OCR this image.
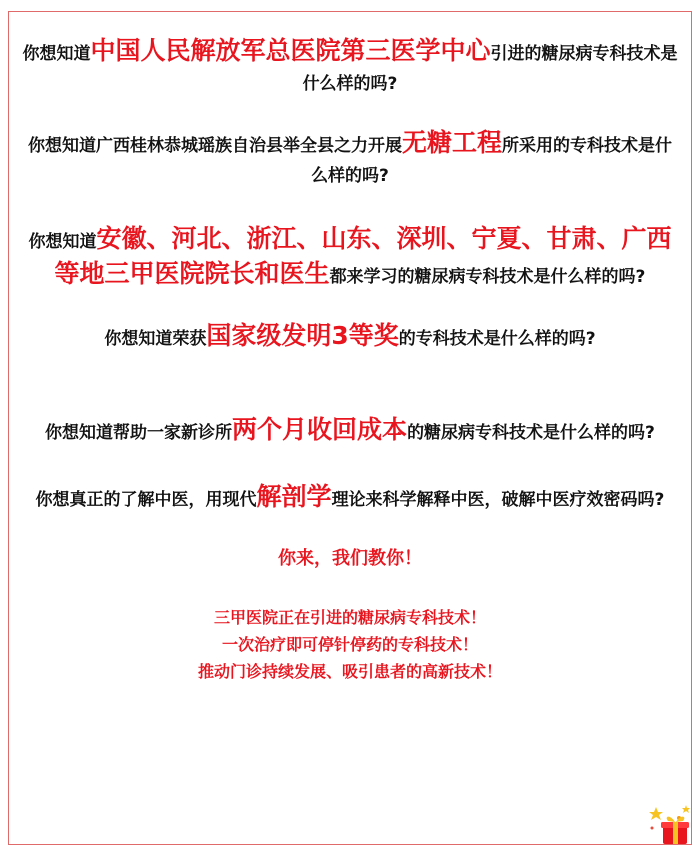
你想知道中国人民解放军总医院第三医学中心引进的糖尿病专科技术是什么样的吗?

你想知道广西桂林恭城瑶族自治县举全县之力开展无糖工程所采用的专科技术是什么样的吗?

你想知道安徽、河北、浙江、山东、深圳、宁夏、甘肃、广西等地三甲医院院长和医生都来学习的糖尿病专科技术是什么样的吗?

你想知道荣获国家级发明3等奖的专科技术是什么样的吗?

你想知道帮助一家新诊所两个月收回成本的糖尿病专科技术是什么样的吗?

你想真正的了解中医，用现代解剖学理论来科学解释中医，破解中医疗效密码吗?

你来，我们教你！

三甲医院正在引进的糖尿病专科技术！
一次治疗即可停针停药的专科技术！
推动门诊持续发展、吸引患者的高新技术！
